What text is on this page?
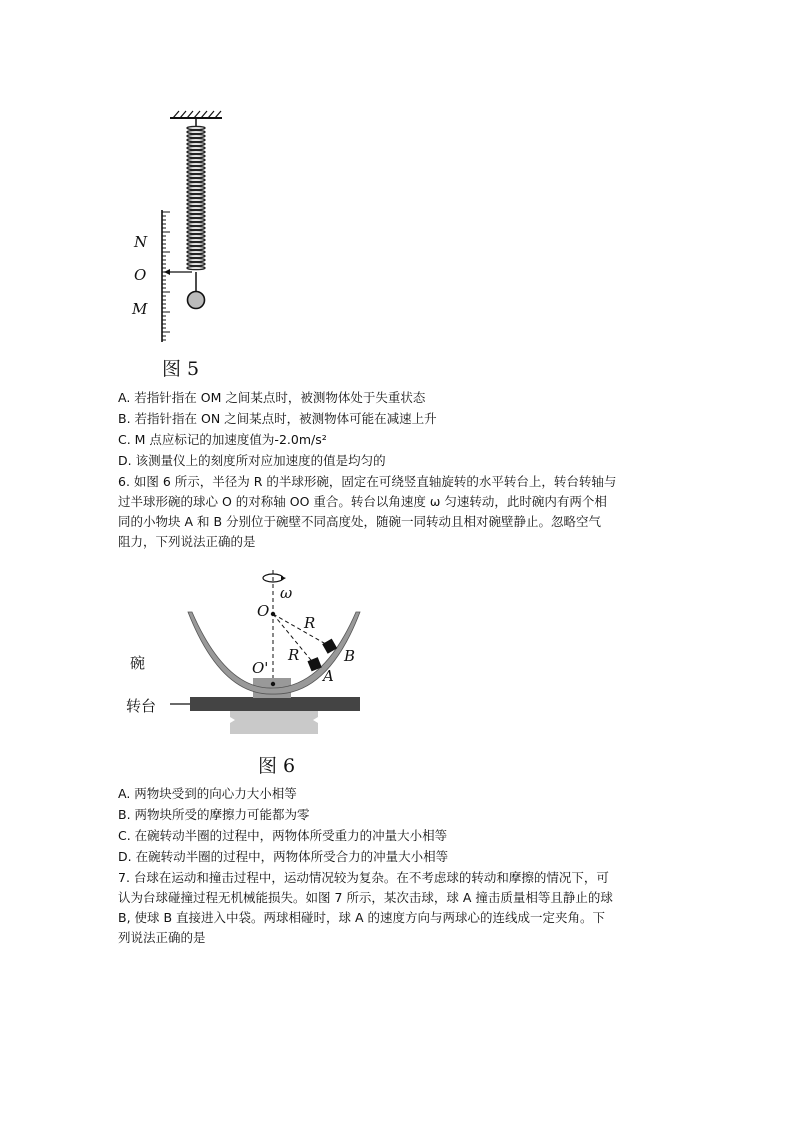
N
O
M
图 5
A. 若指针指在 OM 之间某点时，被测物体处于失重状态
B. 若指针指在 ON 之间某点时，被测物体可能在减速上升
C. M 点应标记的加速度值为-2.0m/s²
D. 该测量仪上的刻度所对应加速度的值是均匀的
6. 如图 6 所示，半径为 R 的半球形碗，固定在可绕竖直轴旋转的水平转台上，转台转轴与
过半球形碗的球心 O 的对称轴 OO 重合。转台以角速度 ω 匀速转动，此时碗内有两个相
同的小物块 A 和 B 分别位于碗壁不同高度处，随碗一同转动且相对碗壁静止。忽略空气
阻力，下列说法正确的是
ω
O
O'
R
R	B
A
碗
转台
图 6
A. 两物块受到的向心力大小相等
B. 两物块所受的摩擦力可能都为零
C. 在碗转动半圈的过程中，两物体所受重力的冲量大小相等
D. 在碗转动半圈的过程中，两物体所受合力的冲量大小相等
7. 台球在运动和撞击过程中，运动情况较为复杂。在不考虑球的转动和摩擦的情况下，可
认为台球碰撞过程无机械能损失。如图 7 所示，某次击球，球 A 撞击质量相等且静止的球
B, 使球 B 直接进入中袋。两球相碰时，球 A 的速度方向与两球心的连线成一定夹角。下
列说法正确的是
